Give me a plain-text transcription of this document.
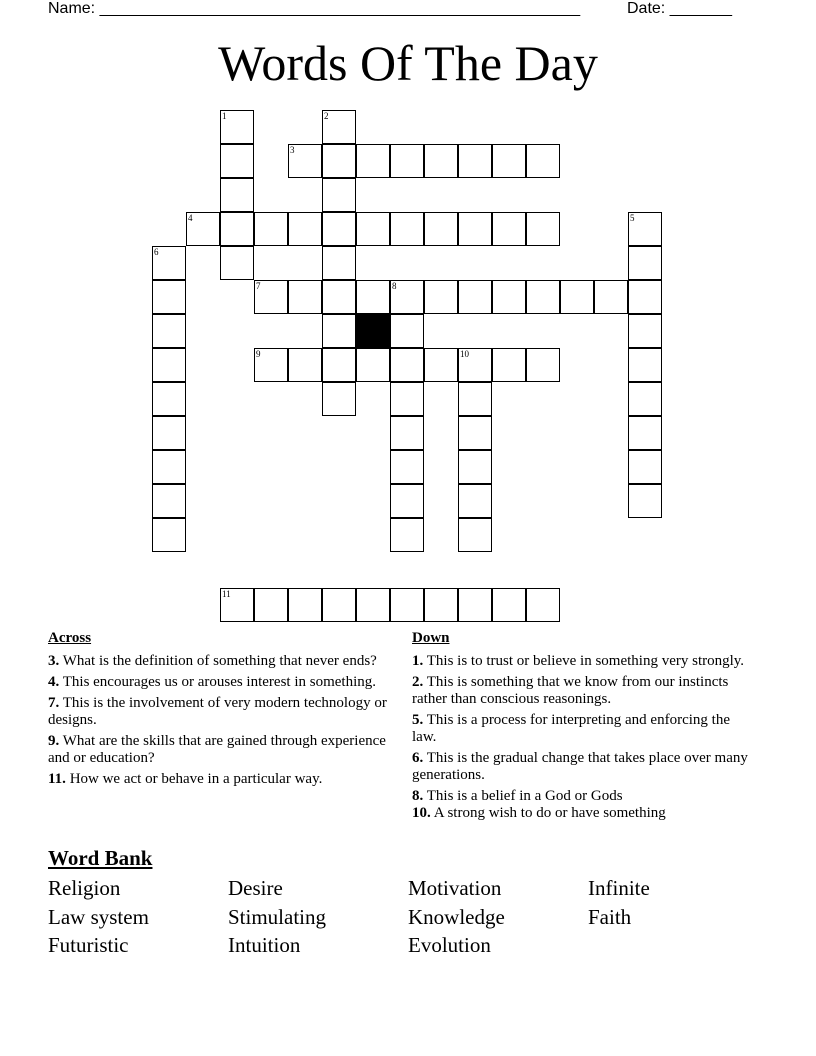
Name: ______________________________________________________	Date: _______
Words Of The Day
1	2
3
4	5
6
7	8
9	10
11
Across
3. What is the definition of something that never ends?
4. This encourages us or arouses interest in something.
7. This is the involvement of very modern technology or designs.
9. What are the skills that are gained through experience and or education?
11. How we act or behave in a particular way.
Down
1. This is to trust or believe in something very strongly.
2. This is something that we know from our instincts rather than conscious reasonings.
5. This is a process for interpreting and enforcing the law.
6. This is the gradual change that takes place over many generations.
8. This is a belief in a God or Gods
10. A strong wish to do or have something
Word Bank
Religion	Desire	Motivation	Infinite
Law system	Stimulating	Knowledge	Faith
Futuristic	Intuition	Evolution
